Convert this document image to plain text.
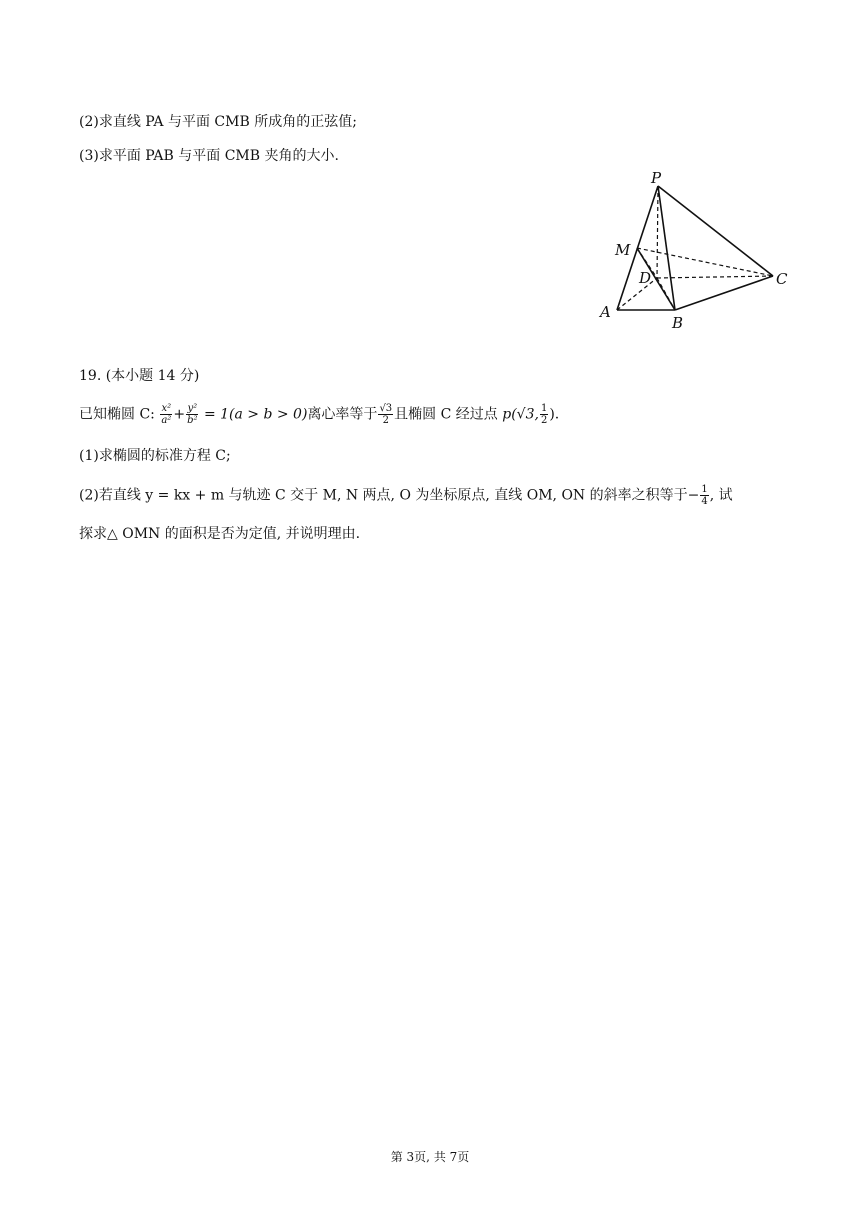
(2)求直线 PA 与平面 CMB 所成角的正弦值;
(3)求平面 PAB 与平面 CMB 夹角的大小.
P
M
D	C
A
B
19. (本小题 14 分)
已知椭圆 C: $\frac{\text{x²}}{\text{a²}} + \frac{\text{y²}}{\text{b²}} = 1(a > b > 0)$离心率等于 $\frac{√3}{2}$ 且椭圆 C 经过点 p(√3, $\frac{1}{2}$ ).
(1)求椭圆的标准方程 C;
(2)若直线 y = kx + m 与轨迹 C 交于 M, N 两点, O 为坐标原点, 直线 OM, ON 的斜率之积等于− $\frac{1}{4}$ , 试
探求△ OMN 的面积是否为定值, 并说明理由.
第 3页, 共 7页
